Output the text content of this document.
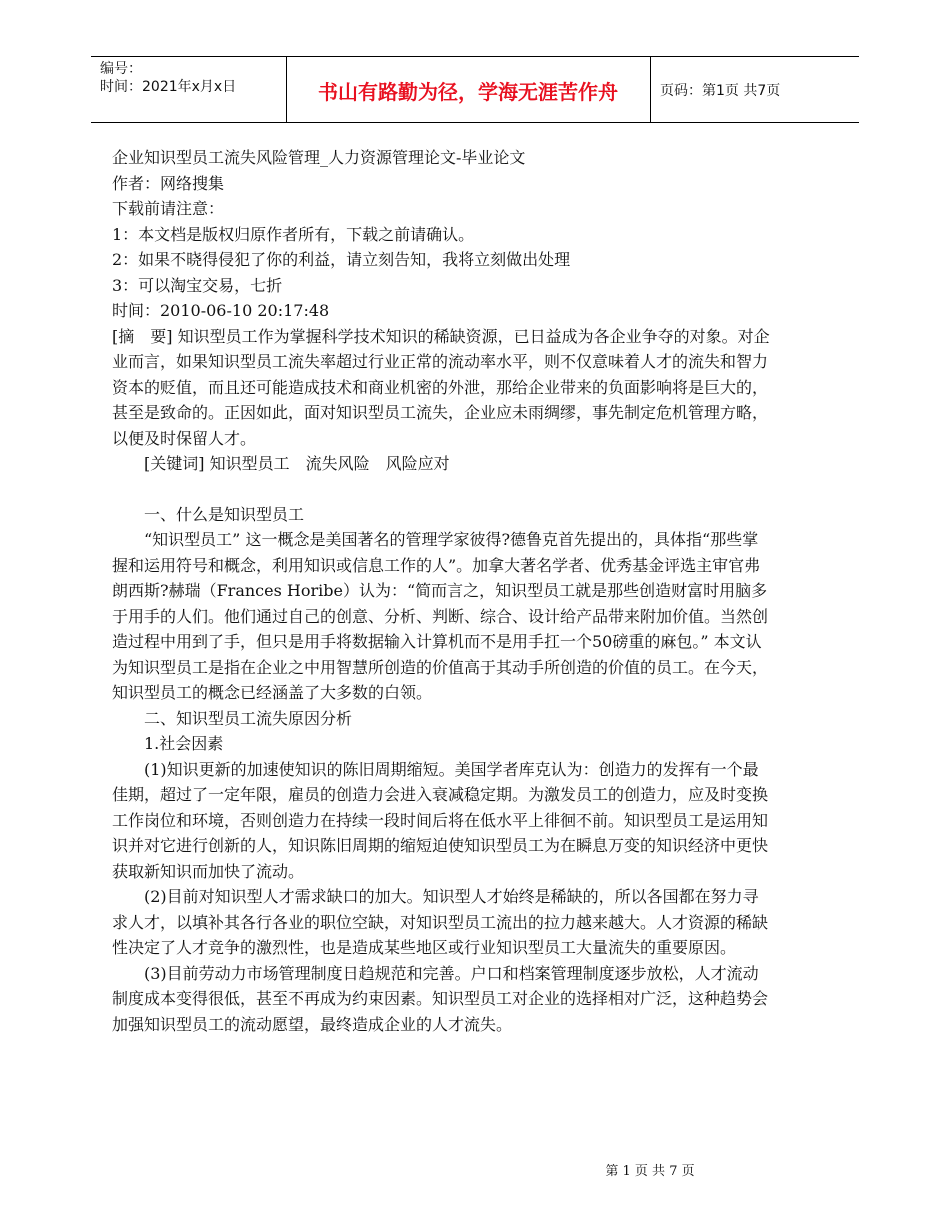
编号：
时间：2021年x月x日	书山有路勤为径，学海无涯苦作舟	页码：第1页 共7页

企业知识型员工流失风险管理_人力资源管理论文-毕业论文

作者：网络搜集

下载前请注意：

1：本文档是版权归原作者所有，下载之前请确认。

2：如果不晓得侵犯了你的利益，请立刻告知，我将立刻做出处理

3：可以淘宝交易，七折

时间：2010-06-10 20:17:48

[摘　要] 知识型员工作为掌握科学技术知识的稀缺资源，已日益成为各企业争夺的对象。对企业而言，如果知识型员工流失率超过行业正常的流动率水平，则不仅意味着人才的流失和智力资本的贬值，而且还可能造成技术和商业机密的外泄，那给企业带来的负面影响将是巨大的，甚至是致命的。正因如此，面对知识型员工流失，企业应未雨绸缪，事先制定危机管理方略，以便及时保留人才。

[关键词] 知识型员工　流失风险　风险应对

一、什么是知识型员工

“知识型员工” 这一概念是美国著名的管理学家彼得?德鲁克首先提出的，具体指“那些掌握和运用符号和概念，利用知识或信息工作的人”。加拿大著名学者、优秀基金评选主审官弗朗西斯?赫瑞（Frances Horibe）认为：“简而言之，知识型员工就是那些创造财富时用脑多于用手的人们。他们通过自己的创意、分析、判断、综合、设计给产品带来附加价值。当然创造过程中用到了手，但只是用手将数据输入计算机而不是用手扛一个50磅重的麻包。” 本文认为知识型员工是指在企业之中用智慧所创造的价值高于其动手所创造的价值的员工。在今天，知识型员工的概念已经涵盖了大多数的白领。

二、知识型员工流失原因分析

1.社会因素

(1)知识更新的加速使知识的陈旧周期缩短。美国学者库克认为：创造力的发挥有一个最佳期，超过了一定年限，雇员的创造力会进入衰减稳定期。为激发员工的创造力，应及时变换工作岗位和环境，否则创造力在持续一段时间后将在低水平上徘徊不前。知识型员工是运用知识并对它进行创新的人，知识陈旧周期的缩短迫使知识型员工为在瞬息万变的知识经济中更快获取新知识而加快了流动。

(2)目前对知识型人才需求缺口的加大。知识型人才始终是稀缺的，所以各国都在努力寻求人才，以填补其各行各业的职位空缺，对知识型员工流出的拉力越来越大。人才资源的稀缺性决定了人才竞争的激烈性，也是造成某些地区或行业知识型员工大量流失的重要原因。

(3)目前劳动力市场管理制度日趋规范和完善。户口和档案管理制度逐步放松，人才流动制度成本变得很低，甚至不再成为约束因素。知识型员工对企业的选择相对广泛，这种趋势会加强知识型员工的流动愿望，最终造成企业的人才流失。

第 1 页 共 7 页
